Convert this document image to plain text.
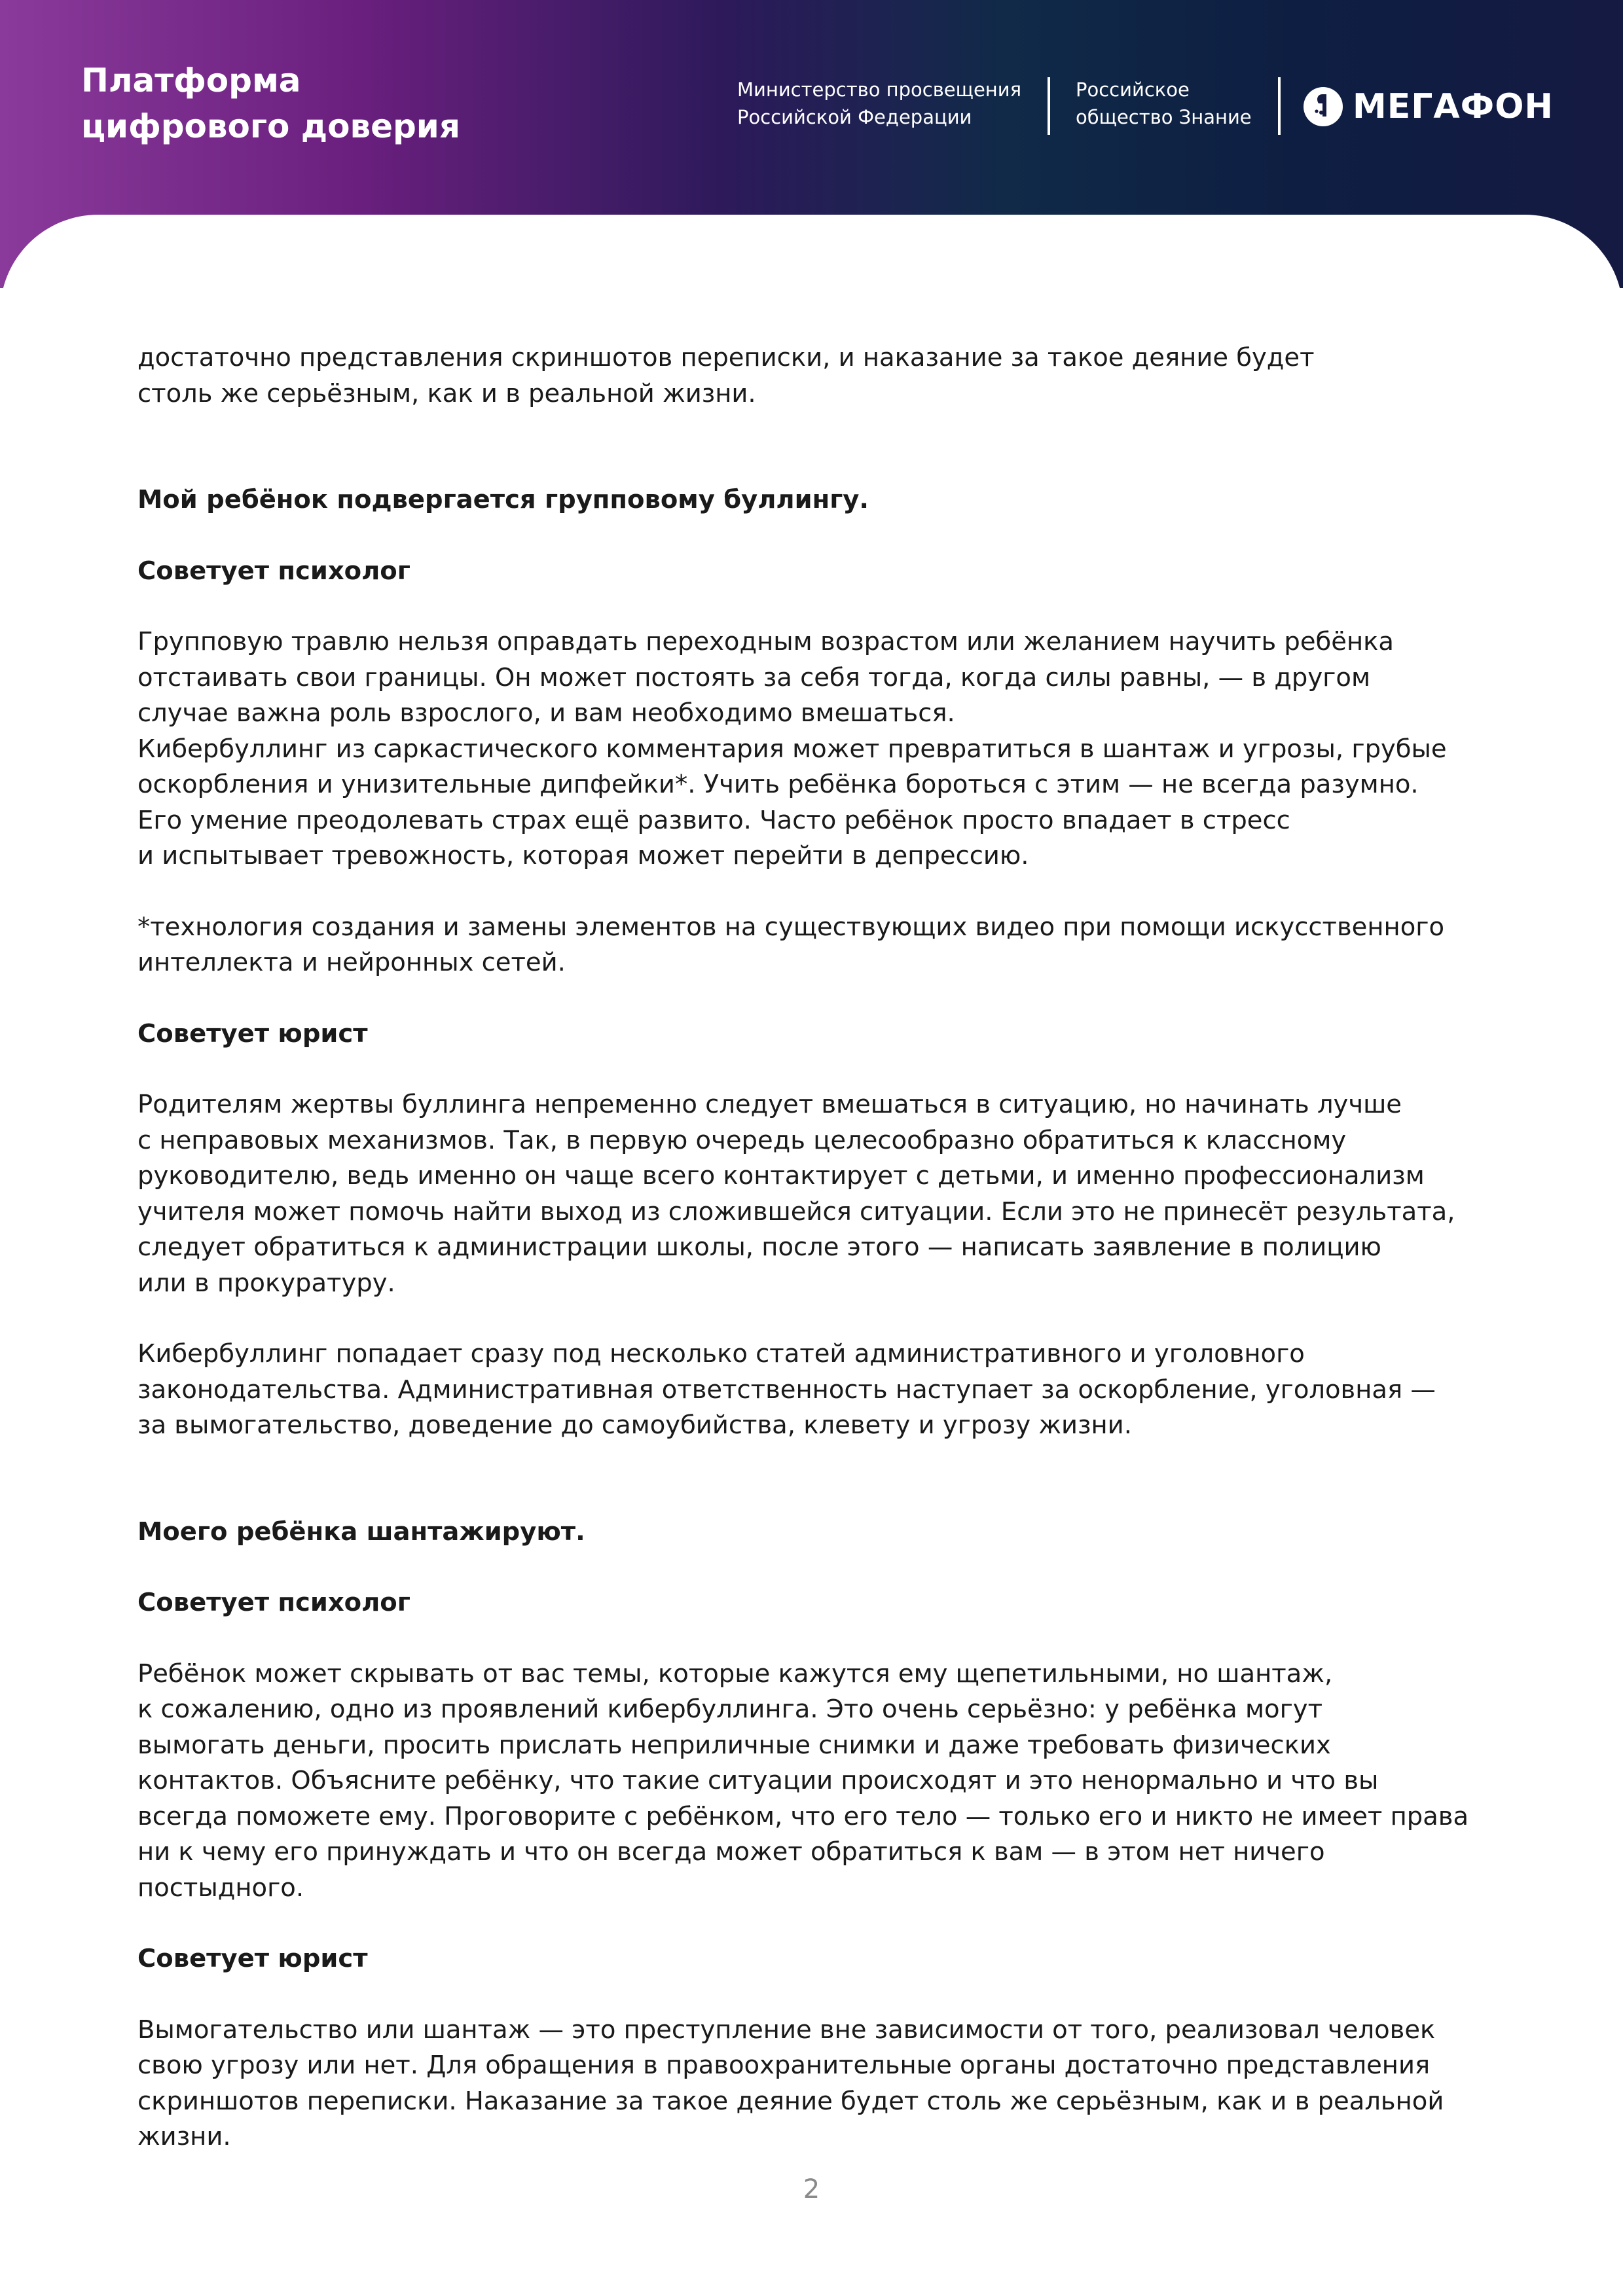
Платформа
цифрового доверия
Министерство просвещения
Российской Федерации
Российское
общество Знание	МЕГАФОН

достаточно представления скриншотов переписки, и наказание за такое деяние будет

столь же серьёзным, как и в реальной жизни.

Мой ребёнок подвергается групповому буллингу.

Советует психолог

Групповую травлю нельзя оправдать переходным возрастом или желанием научить ребёнка

отстаивать свои границы. Он может постоять за себя тогда, когда силы равны, — в другом

случае важна роль взрослого, и вам необходимо вмешаться.

Кибербуллинг из саркастического комментария может превратиться в шантаж и угрозы, грубые

оскорбления и унизительные дипфейки*. Учить ребёнка бороться с этим — не всегда разумно.

Его умение преодолевать страх ещё развито. Часто ребёнок просто впадает в стресс

и испытывает тревожность, которая может перейти в депрессию.

*технология создания и замены элементов на существующих видео при помощи искусственного

интеллекта и нейронных сетей.

Советует юрист

Родителям жертвы буллинга непременно следует вмешаться в ситуацию, но начинать лучше

с неправовых механизмов. Так, в первую очередь целесообразно обратиться к классному

руководителю, ведь именно он чаще всего контактирует с детьми, и именно профессионализм

учителя может помочь найти выход из сложившейся ситуации. Если это не принесёт результата,

следует обратиться к администрации школы, после этого — написать заявление в полицию

или в прокуратуру.

Кибербуллинг попадает сразу под несколько статей административного и уголовного

законодательства. Административная ответственность наступает за оскорбление, уголовная —

за вымогательство, доведение до самоубийства, клевету и угрозу жизни.

Моего ребёнка шантажируют.

Советует психолог

Ребёнок может скрывать от вас темы, которые кажутся ему щепетильными, но шантаж,

к сожалению, одно из проявлений кибербуллинга. Это очень серьёзно: у ребёнка могут

вымогать деньги, просить прислать неприличные снимки и даже требовать физических

контактов. Объясните ребёнку, что такие ситуации происходят и это ненормально и что вы

всегда поможете ему. Проговорите с ребёнком, что его тело — только его и никто не имеет права

ни к чему его принуждать и что он всегда может обратиться к вам — в этом нет ничего

постыдного.

Советует юрист

Вымогательство или шантаж — это преступление вне зависимости от того, реализовал человек

свою угрозу или нет. Для обращения в правоохранительные органы достаточно представления

скриншотов переписки. Наказание за такое деяние будет столь же серьёзным, как и в реальной

жизни.

2
